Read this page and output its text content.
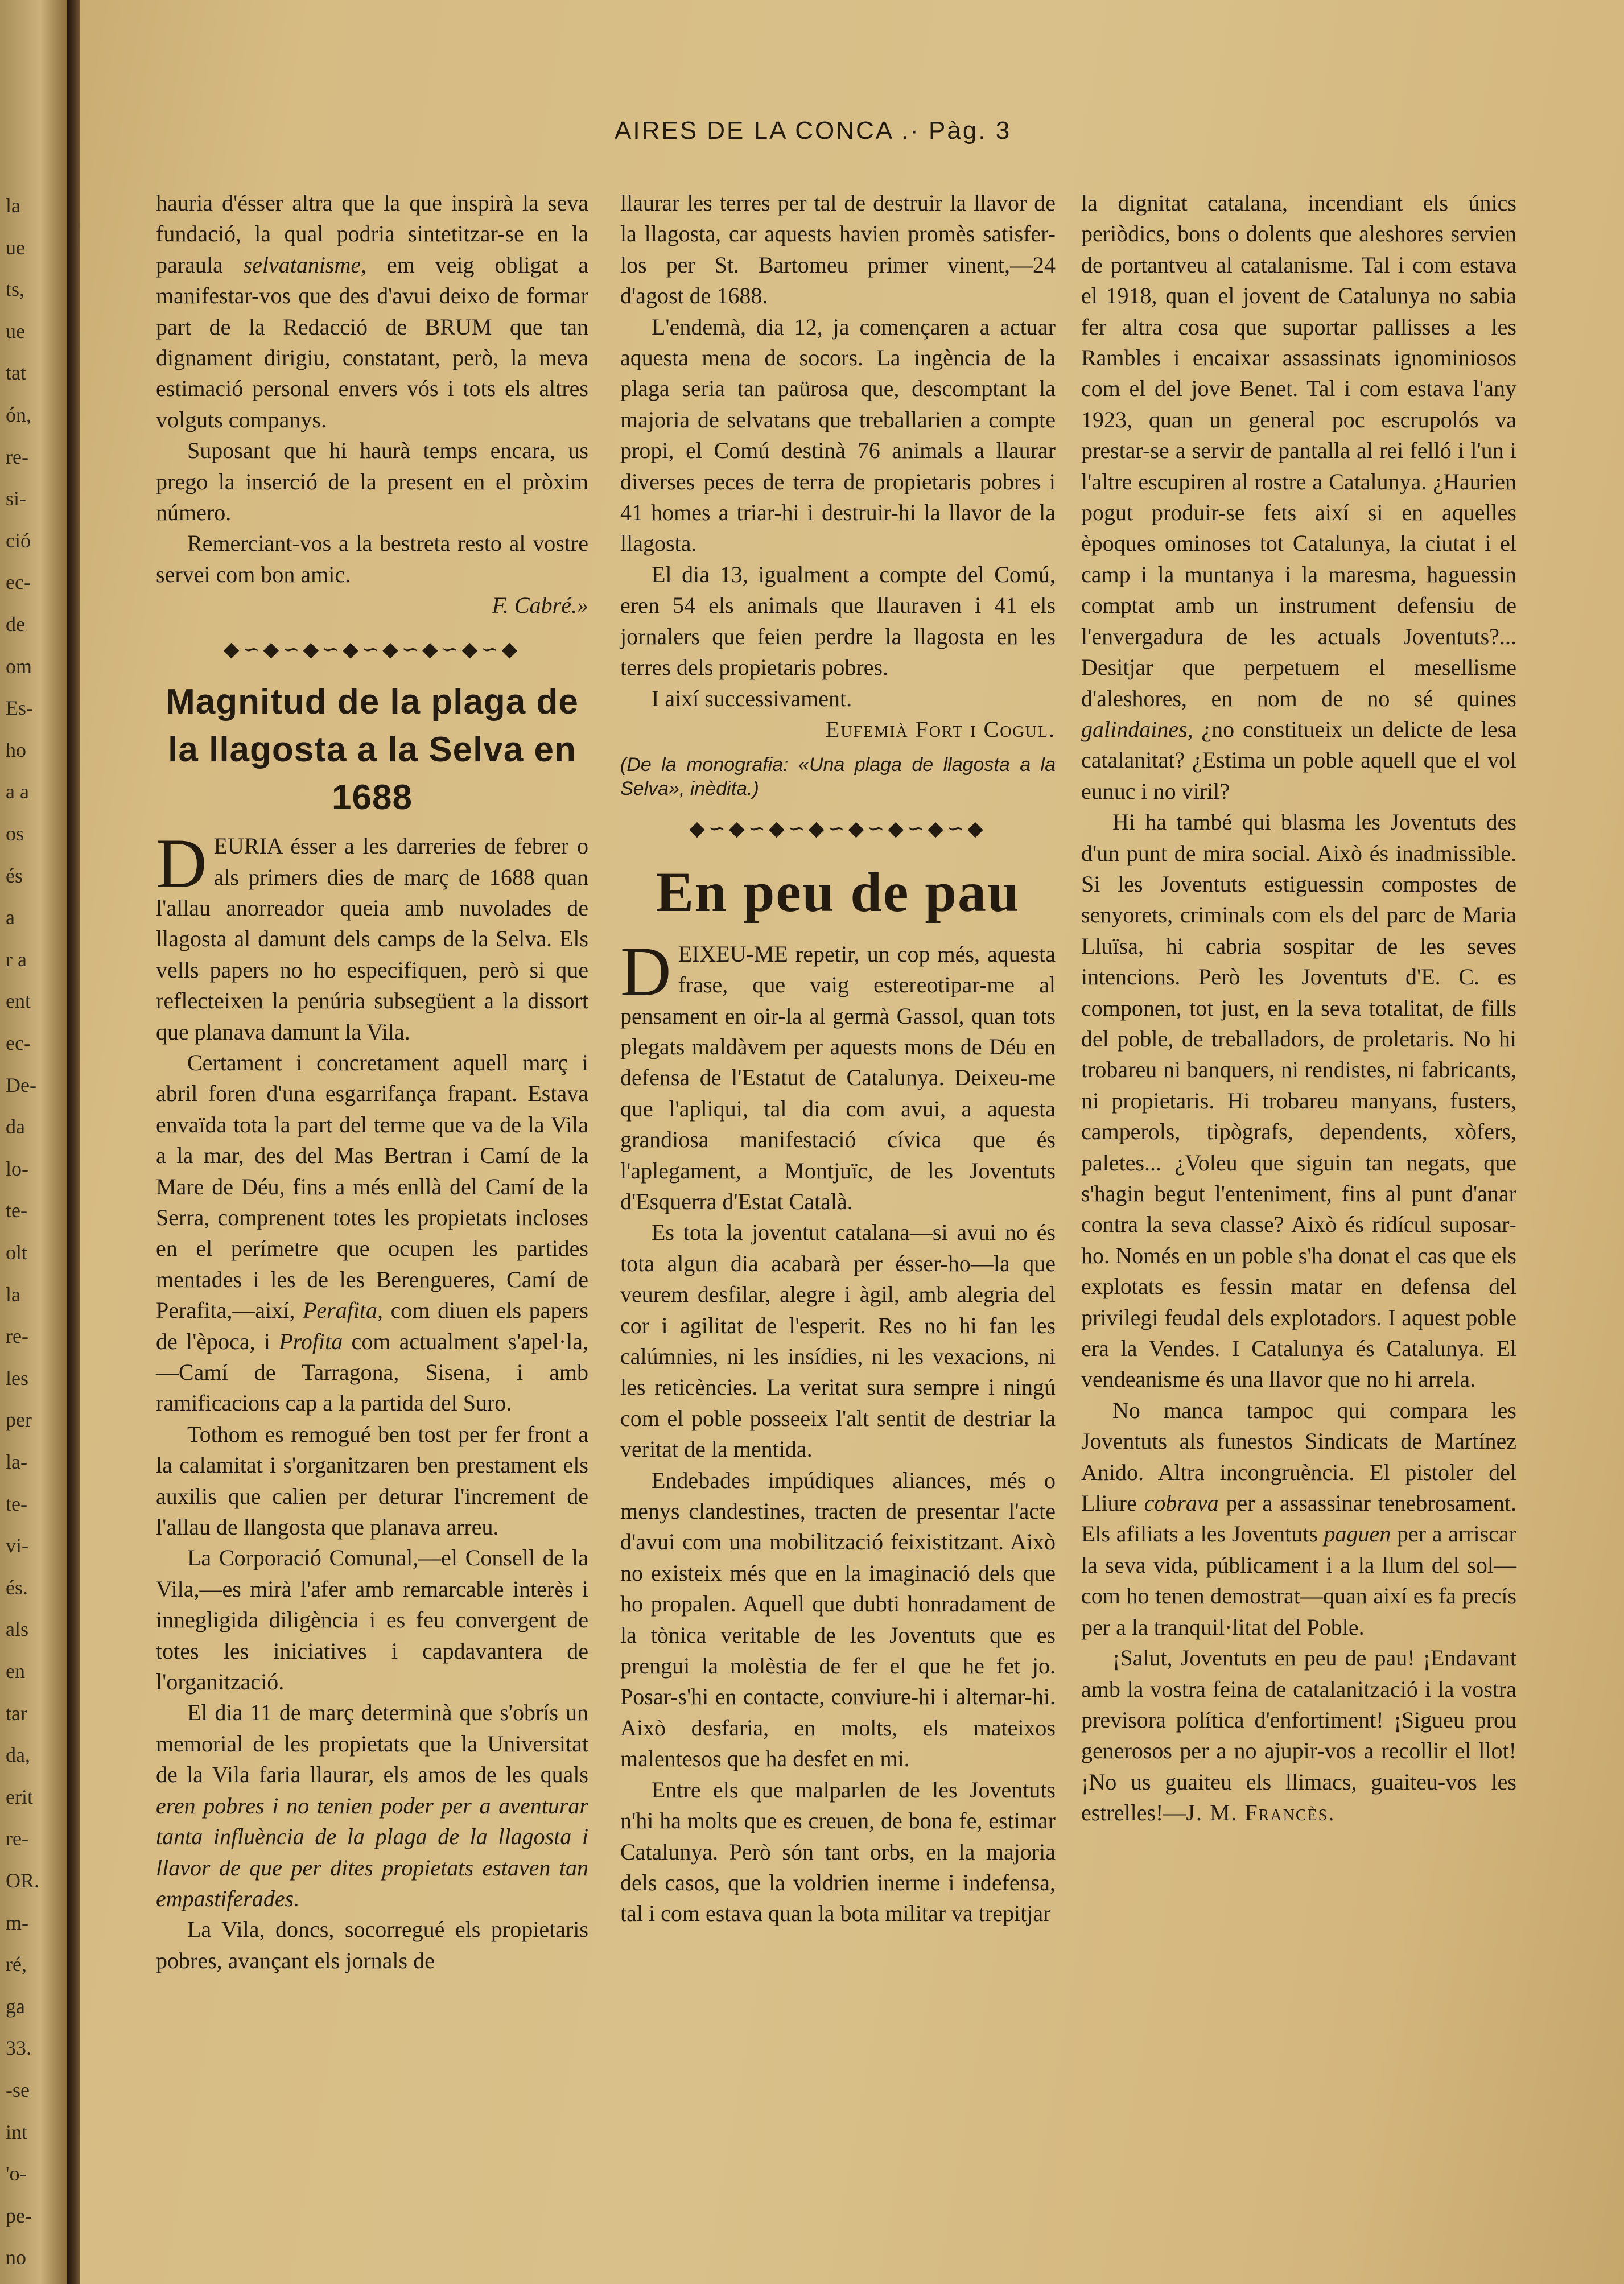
la
ue
ts,
ue
tat
ón,
re-
si-
ció
ec-
de
om
Es-
ho
a a
os
és
a
r a
ent
ec-
De-
da
lo-
te-
olt
la
re-
les
per
la-
te-
vi-
és.
als
en
tar
da,
erit
re-
OR.
m-
ré,
ga
33.
-se
int
'o-
pe-
no
AIRES DE LA CONCA .· Pàg. 3

hauria d'ésser altra que la que inspirà la seva fundació, la qual podria sintetitzar-se en la paraula selvatanisme, em veig obligat a manifestar-vos que des d'avui deixo de formar part de la Redacció de BRUM que tan dignament dirigiu, constatant, però, la meva estimació personal envers vós i tots els altres volguts companys.

Suposant que hi haurà temps encara, us prego la inserció de la present en el pròxim número.

Remerciant-vos a la bestreta resto al vostre servei com bon amic.

F. Cabré.»
◆∽◆∽◆∽◆∽◆∽◆∽◆∽◆
Magnitud de la plaga de la llagosta a la Selva en 1688

DEURIA ésser a les darreries de febrer o als primers dies de març de 1688 quan l'allau anorreador queia amb nuvolades de llagosta al damunt dels camps de la Selva. Els vells papers no ho especifiquen, però si que reflecteixen la penúria subsegüent a la dissort que planava damunt la Vila.

Certament i concretament aquell març i abril foren d'una esgarrifança frapant. Estava envaïda tota la part del terme que va de la Vila a la mar, des del Mas Bertran i Camí de la Mare de Déu, fins a més enllà del Camí de la Serra, comprenent totes les propietats incloses en el perímetre que ocupen les partides mentades i les de les Berengueres, Camí de Perafita,—així, Perafita, com diuen els papers de l'època, i Profita com actualment s'apel·la,—Camí de Tarragona, Sisena, i amb ramificacions cap a la partida del Suro.

Tothom es remogué ben tost per fer front a la calamitat i s'organitzaren ben prestament els auxilis que calien per deturar l'increment de l'allau de llangosta que planava arreu.

La Corporació Comunal,—el Consell de la Vila,—es mirà l'afer amb remarcable interès i innegligida diligència i es feu convergent de totes les iniciatives i capdavantera de l'organització.

El dia 11 de març determinà que s'obrís un memorial de les propietats que la Universitat de la Vila faria llaurar, els amos de les quals eren pobres i no tenien poder per a aventurar tanta influència de la plaga de la llagosta i llavor de que per dites propietats estaven tan empastiferades.

La Vila, doncs, socorregué els propietaris pobres, avançant els jornals de

llaurar les terres per tal de destruir la llavor de la llagosta, car aquests havien promès satisfer-los per St. Bartomeu primer vinent,—24 d'agost de 1688.

L'endemà, dia 12, ja començaren a actuar aquesta mena de socors. La ingència de la plaga seria tan paürosa que, descomptant la majoria de selvatans que treballarien a compte propi, el Comú destinà 76 animals a llaurar diverses peces de terra de propietaris pobres i 41 homes a triar-hi i destruir-hi la llavor de la llagosta.

El dia 13, igualment a compte del Comú, eren 54 els animals que llauraven i 41 els jornalers que feien perdre la llagosta en les terres dels propietaris pobres.

I així successivament.

Eufemià Fort i Cogul.
(De la monografia: «Una plaga de llagosta a la Selva», inèdita.)
◆∽◆∽◆∽◆∽◆∽◆∽◆∽◆
En peu de pau

DEIXEU-ME repetir, un cop més, aquesta frase, que vaig estereotipar-me al pensament en oir-la al germà Gassol, quan tots plegats maldàvem per aquests mons de Déu en defensa de l'Estatut de Catalunya. Deixeu-me que l'apliqui, tal dia com avui, a aquesta grandiosa manifestació cívica que és l'aplegament, a Montjuïc, de les Joventuts d'Esquerra d'Estat Català.

Es tota la joventut catalana—si avui no és tota algun dia acabarà per ésser-ho—la que veurem desfilar, alegre i àgil, amb alegria del cor i agilitat de l'esperit. Res no hi fan les calúmnies, ni les insídies, ni les vexacions, ni les reticències. La veritat sura sempre i ningú com el poble posseeix l'alt sentit de destriar la veritat de la mentida.

Endebades impúdiques aliances, més o menys clandestines, tracten de presentar l'acte d'avui com una mobilització feixistitzant. Això no existeix més que en la imaginació dels que ho propalen. Aquell que dubti honradament de la tònica veritable de les Joventuts que es prengui la molèstia de fer el que he fet jo. Posar-s'hi en contacte, conviure-hi i alternar-hi. Això desfaria, en molts, els mateixos malentesos que ha desfet en mi.

Entre els que malparlen de les Joventuts n'hi ha molts que es creuen, de bona fe, estimar Catalunya. Però són tant orbs, en la majoria dels casos, que la voldrien inerme i indefensa, tal i com estava quan la bota militar va trepitjar

la dignitat catalana, incendiant els únics periòdics, bons o dolents que aleshores servien de portantveu al catalanisme. Tal i com estava el 1918, quan el jovent de Catalunya no sabia fer altra cosa que suportar pallisses a les Rambles i encaixar assassinats ignominiosos com el del jove Benet. Tal i com estava l'any 1923, quan un general poc escrupolós va prestar-se a servir de pantalla al rei felló i l'un i l'altre escupiren al rostre a Catalunya. ¿Haurien pogut produir-se fets així si en aquelles èpoques ominoses tot Catalunya, la ciutat i el camp i la muntanya i la maresma, haguessin comptat amb un instrument defensiu de l'envergadura de les actuals Joventuts?... Desitjar que perpetuem el mesellisme d'aleshores, en nom de no sé quines galindaines, ¿no constitueix un delicte de lesa catalanitat? ¿Estima un poble aquell que el vol eunuc i no viril?

Hi ha també qui blasma les Joventuts des d'un punt de mira social. Això és inadmissible. Si les Joventuts estiguessin compostes de senyorets, criminals com els del parc de Maria Lluïsa, hi cabria sospitar de les seves intencions. Però les Joventuts d'E. C. es componen, tot just, en la seva totalitat, de fills del poble, de treballadors, de proletaris. No hi trobareu ni banquers, ni rendistes, ni fabricants, ni propietaris. Hi trobareu manyans, fusters, camperols, tipògrafs, dependents, xòfers, paletes... ¿Voleu que siguin tan negats, que s'hagin begut l'enteniment, fins al punt d'anar contra la seva classe? Això és ridícul suposar-ho. Només en un poble s'ha donat el cas que els explotats es fessin matar en defensa del privilegi feudal dels explotadors. I aquest poble era la Vendes. I Catalunya és Catalunya. El vendeanisme és una llavor que no hi arrela.

No manca tampoc qui compara les Joventuts als funestos Sindicats de Martínez Anido. Altra incongruència. El pistoler del Lliure cobrava per a assassinar tenebrosament. Els afiliats a les Joventuts paguen per a arriscar la seva vida, públicament i a la llum del sol—com ho tenen demostrat—quan així es fa precís per a la tranquil·litat del Poble.

¡Salut, Joventuts en peu de pau! ¡Endavant amb la vostra feina de catalanització i la vostra previsora política d'enfortiment! ¡Sigueu prou generosos per a no ajupir-vos a recollir el llot! ¡No us guaiteu els llimacs, guaiteu-vos les estrelles!—J. M. Francès.
